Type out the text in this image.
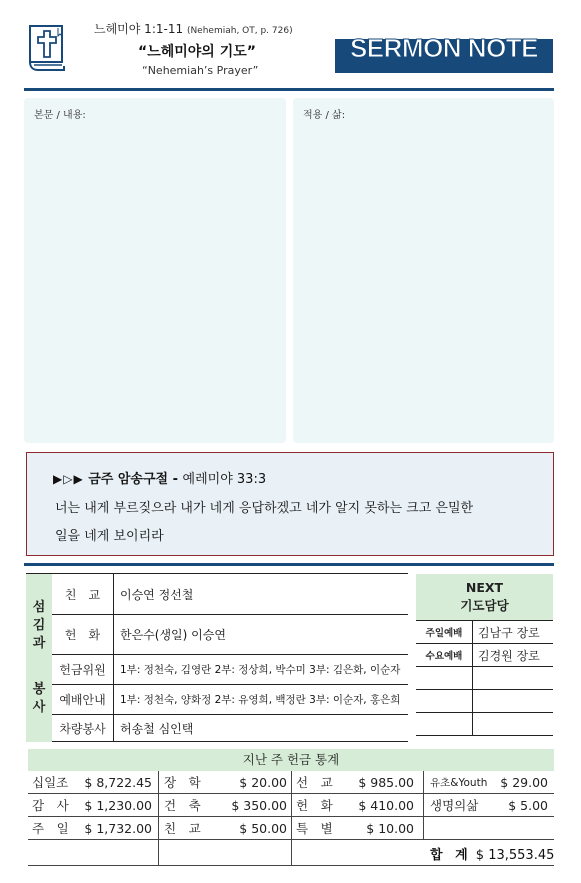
느헤미야 1:1-11 (Nehemiah, OT, p. 726)
“느헤미야의 기도”
“Nehemiah’s Prayer”
SERMON NOTE
본문 / 내용:	적용 / 삶:
▶▷▶ 금주 암송구절 - 예레미야 33:3
너는 내게 부르짖으라 내가 네게 응답하겠고 네가 알지 못하는 크고 은밀한
일을 네게 보이리라
섬
김
과
봉
사
친　교	이승연 정선철
헌　화	한은수(생일) 이승연
헌금위원	1부: 정천숙, 김영란 2부: 정상희, 박수미 3부: 김은화, 이순자
예배안내	1부: 정천숙, 양화정 2부: 유영희, 백정란 3부: 이순자, 홍은희
차량봉사	허송철 심인택
NEXT
기도담당
주일예배	김남구 장로
수요예배	김경원 장로
지난 주 헌금 통계
십일조	$ 8,722.45 장　학	$ 20.00 선　교	$ 985.00 유초&Youth	$ 29.00
감　사	$ 1,230.00 건　축	$ 350.00 헌　화	$ 410.00 생명의삶	$ 5.00
주　일	$ 1,732.00 친　교	$ 50.00 특　별	$ 10.00
합 계 $ 13,553.45
